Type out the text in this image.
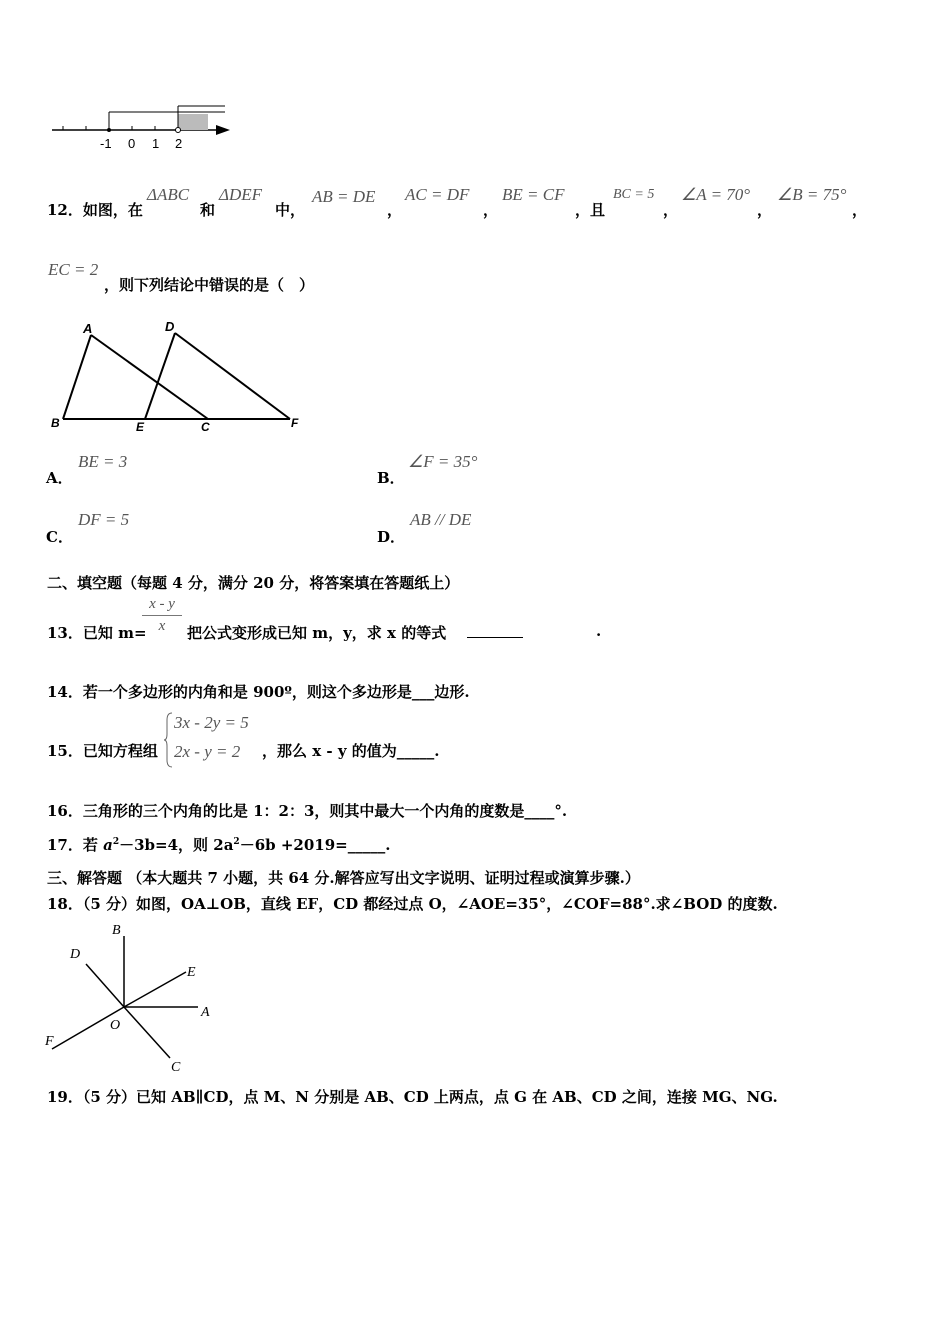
-1 0 1 2
12．如图，在
ΔABC
和
ΔDEF
中，
AB = DE
，
AC = DF
，
BE = CF
，且
BC = 5
，
∠A = 70°
，
∠B = 75°
，
EC = 2
，则下列结论中错误的是（　）
A	D
B	E	C	F
A．
BE = 3
B．
∠F = 35°
C．
DF = 5
D．
AB // DE
二、填空题（每题 4 分，满分 20 分，将答案填在答题纸上）
13．已知 m=
x - y
x	把公式变形成已知 m，y，求 x 的等式	.
14．若一个多边形的内角和是 900º，则这个多边形是___边形.
15．已知方程组
3x - 2y = 5
2x - y = 2 ，那么 x - y 的值为_____.
16．三角形的三个内角的比是 1：2：3，则其中最大一个内角的度数是____°.
17．若 $a^2-3b=4$，则 $2a^2-6b$ +2019=_____.
三、解答题 （本大题共 7 小题，共 64 分.解答应写出文字说明、证明过程或演算步骤.）
18．（5 分）如图，OA⊥OB，直线 EF，CD 都经过点 O，∠AOE=35°，∠COF=88°.求∠BOD 的度数.
B
D
E
A
O
F
C
19．（5 分）已知 AB∥CD，点 M、N 分别是 AB、CD 上两点，点 G 在 AB、CD 之间，连接 MG、NG.
